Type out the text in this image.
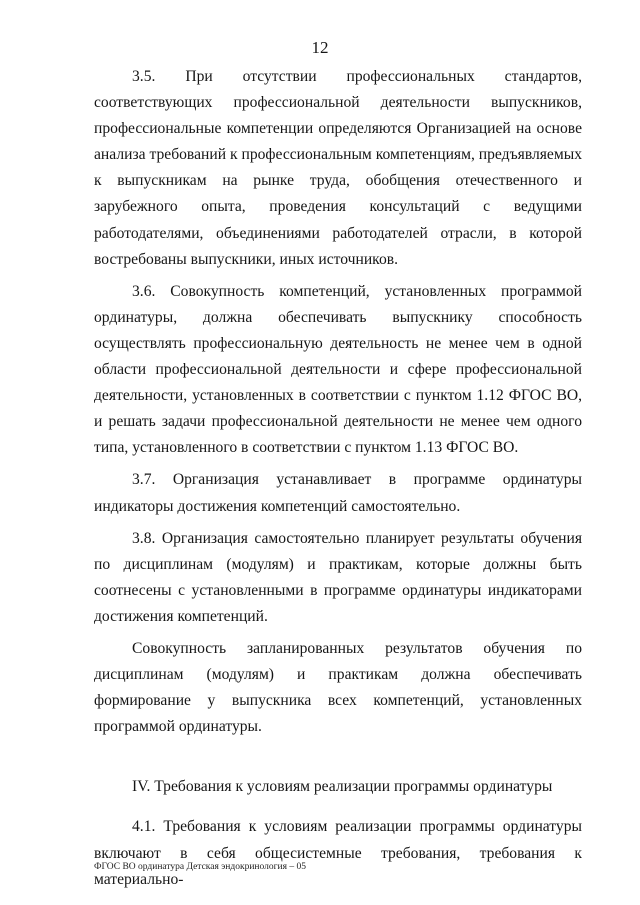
12

3.5. При отсутствии профессиональных стандартов, соответствующих профессиональной деятельности выпускников, профессиональные компетенции определяются Организацией на основе анализа требований к профессиональным компетенциям, предъявляемых к выпускникам на рынке труда, обобщения отечественного и зарубежного опыта, проведения консультаций с ведущими работодателями, объединениями работодателей отрасли, в которой востребованы выпускники, иных источников.

3.6. Совокупность компетенций, установленных программой ординатуры, должна обеспечивать выпускнику способность осуществлять профессиональную деятельность не менее чем в одной области профессиональной деятельности и сфере профессиональной деятельности, установленных в соответствии с пунктом 1.12 ФГОС ВО, и решать задачи профессиональной деятельности не менее чем одного типа, установленного в соответствии с пунктом 1.13 ФГОС ВО.

3.7. Организация устанавливает в программе ординатуры индикаторы достижения компетенций самостоятельно.

3.8. Организация самостоятельно планирует результаты обучения по дисциплинам (модулям) и практикам, которые должны быть соотнесены с установленными в программе ординатуры индикаторами достижения компетенций.

Совокупность запланированных результатов обучения по дисциплинам (модулям) и практикам должна обеспечивать формирование у выпускника всех компетенций, установленных программой ординатуры.

IV. Требования к условиям реализации программы ординатуры

4.1. Требования к условиям реализации программы ординатуры включают в себя общесистемные требования, требования к материально-

ФГОС ВО ординатура Детская эндокринология – 05
